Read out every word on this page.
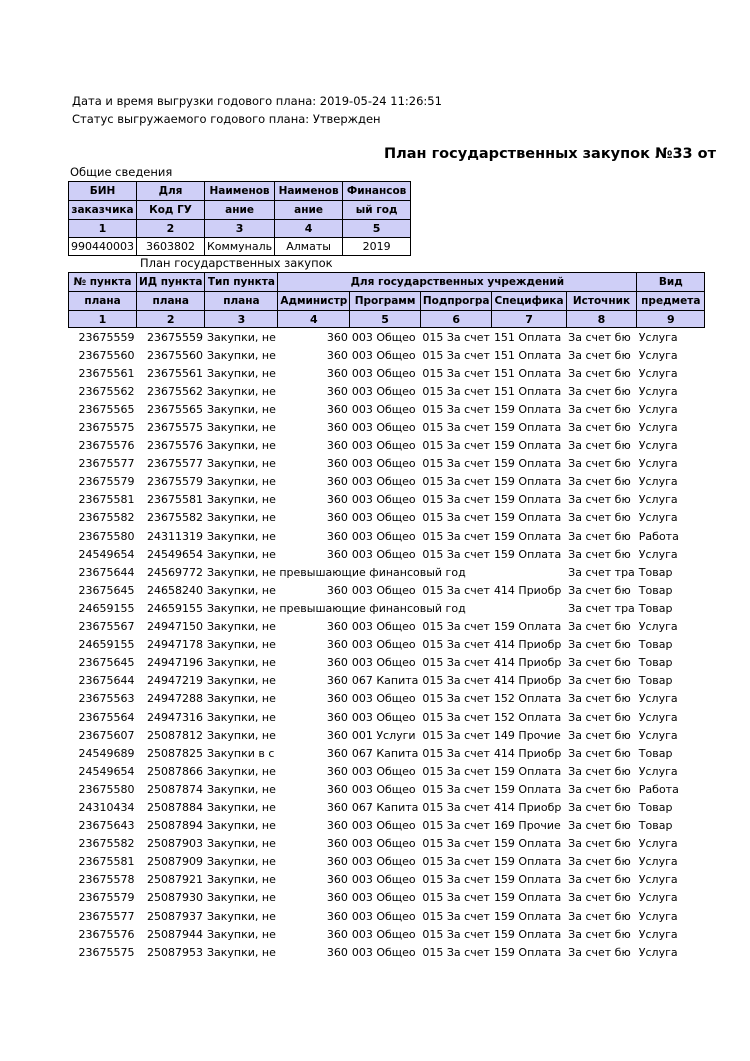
Дата и время выгрузки годового плана: 2019-05-24 11:26:51
Статус выгружаемого годового плана: Утвержден
План государственных закупок №33 от
Общие сведения
БИН	Для	Наименов	Наименов	Финансов
заказчика	Код ГУ	ание	ание	ый год
1	2	3	4	5
990440003	3603802	Коммуналь	Алматы	2019
План государственных закупок
№ пункта	ИД пункта	Тип пункта	Для государственных учреждений					Вид
плана	плана	плана	Администр	Программ	Подпрогра	Специфика	Источник	предмета
1	2	3	4	5	6	7	8	9
23675559	23675559	Закупки, не	360	003 Общео	015 За счет	151 Оплата	За счет бю	Услуга
23675560	23675560	Закупки, не	360	003 Общео	015 За счет	151 Оплата	За счет бю	Услуга
23675561	23675561	Закупки, не	360	003 Общео	015 За счет	151 Оплата	За счет бю	Услуга
23675562	23675562	Закупки, не	360	003 Общео	015 За счет	151 Оплата	За счет бю	Услуга
23675565	23675565	Закупки, не	360	003 Общео	015 За счет	159 Оплата	За счет бю	Услуга
23675575	23675575	Закупки, не	360	003 Общео	015 За счет	159 Оплата	За счет бю	Услуга
23675576	23675576	Закупки, не	360	003 Общео	015 За счет	159 Оплата	За счет бю	Услуга
23675577	23675577	Закупки, не	360	003 Общео	015 За счет	159 Оплата	За счет бю	Услуга
23675579	23675579	Закупки, не	360	003 Общео	015 За счет	159 Оплата	За счет бю	Услуга
23675581	23675581	Закупки, не	360	003 Общео	015 За счет	159 Оплата	За счет бю	Услуга
23675582	23675582	Закупки, не	360	003 Общео	015 За счет	159 Оплата	За счет бю	Услуга
23675580	24311319	Закупки, не	360	003 Общео	015 За счет	159 Оплата	За счет бю	Работа
24549654	24549654	Закупки, не	360	003 Общео	015 За счет	159 Оплата	За счет бю	Услуга
23675644	24569772	Закупки, не превышающие финансовый год					За счет тра	Товар
23675645	24658240	Закупки, не	360	003 Общео	015 За счет	414 Приобр	За счет бю	Товар
24659155	24659155	Закупки, не превышающие финансовый год					За счет тра	Товар
23675567	24947150	Закупки, не	360	003 Общео	015 За счет	159 Оплата	За счет бю	Услуга
24659155	24947178	Закупки, не	360	003 Общео	015 За счет	414 Приобр	За счет бю	Товар
23675645	24947196	Закупки, не	360	003 Общео	015 За счет	414 Приобр	За счет бю	Товар
23675644	24947219	Закупки, не	360	067 Капита	015 За счет	414 Приобр	За счет бю	Товар
23675563	24947288	Закупки, не	360	003 Общео	015 За счет	152 Оплата	За счет бю	Услуга
23675564	24947316	Закупки, не	360	003 Общео	015 За счет	152 Оплата	За счет бю	Услуга
23675607	25087812	Закупки, не	360	001 Услуги	015 За счет	149 Прочие	За счет бю	Услуга
24549689	25087825	Закупки в с	360	067 Капита	015 За счет	414 Приобр	За счет бю	Товар
24549654	25087866	Закупки, не	360	003 Общео	015 За счет	159 Оплата	За счет бю	Услуга
23675580	25087874	Закупки, не	360	003 Общео	015 За счет	159 Оплата	За счет бю	Работа
24310434	25087884	Закупки, не	360	067 Капита	015 За счет	414 Приобр	За счет бю	Товар
23675643	25087894	Закупки, не	360	003 Общео	015 За счет	169 Прочие	За счет бю	Товар
23675582	25087903	Закупки, не	360	003 Общео	015 За счет	159 Оплата	За счет бю	Услуга
23675581	25087909	Закупки, не	360	003 Общео	015 За счет	159 Оплата	За счет бю	Услуга
23675578	25087921	Закупки, не	360	003 Общео	015 За счет	159 Оплата	За счет бю	Услуга
23675579	25087930	Закупки, не	360	003 Общео	015 За счет	159 Оплата	За счет бю	Услуга
23675577	25087937	Закупки, не	360	003 Общео	015 За счет	159 Оплата	За счет бю	Услуга
23675576	25087944	Закупки, не	360	003 Общео	015 За счет	159 Оплата	За счет бю	Услуга
23675575	25087953	Закупки, не	360	003 Общео	015 За счет	159 Оплата	За счет бю	Услуга
